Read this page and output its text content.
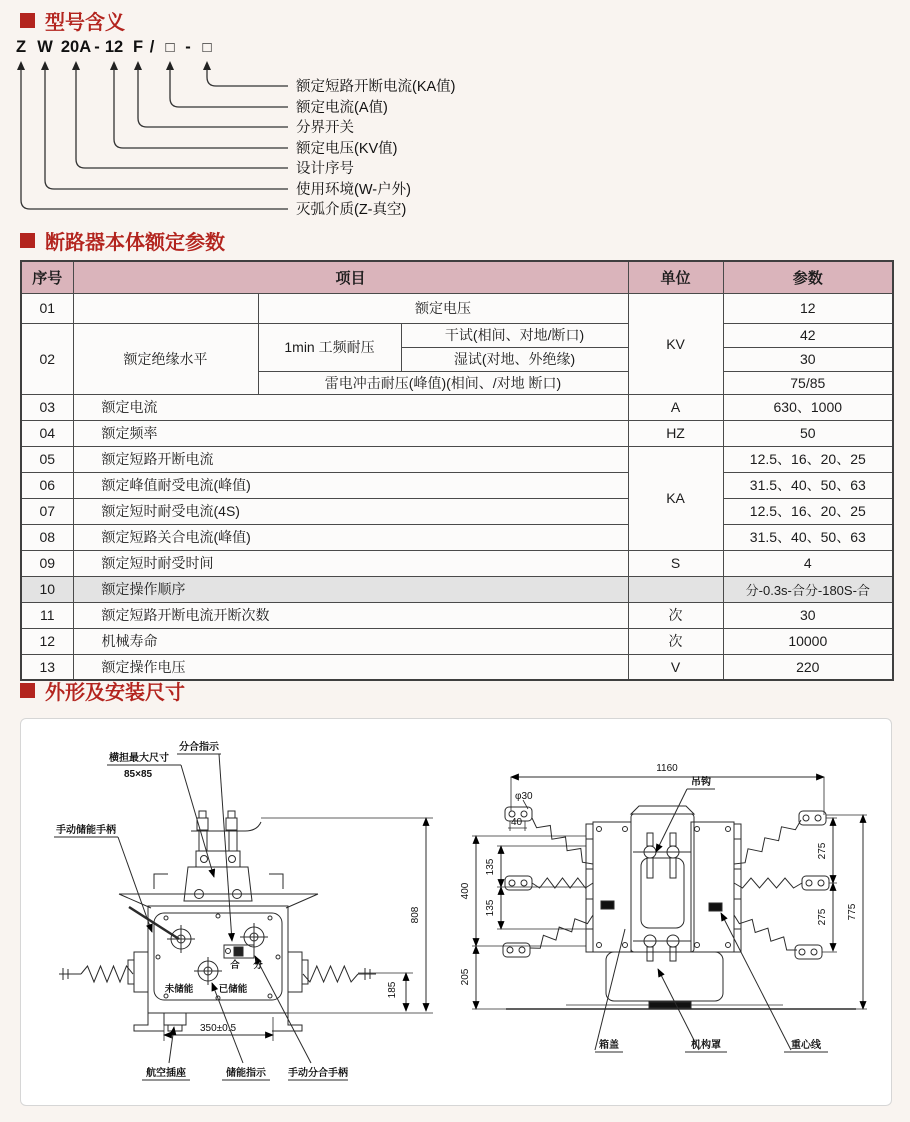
型号含义
Z W 20A - 12 F / □ - □
额定短路开断电流(KA值)
额定电流(A值)
分界开关
额定电压(KV值)
设计序号
使用环境(W-户外)
灭弧介质(Z-真空)
断路器本体额定参数
序号	项目			单位	参数
01		额定电压		KV	12
02	额定绝缘水平	1min 工频耐压	干试(相间、对地/断口)		42
			湿试(对地、外绝缘)		30
		雷电冲击耐压(峰值)(相间、/对地 断口)			75/85
03	额定电流			A	630、1000
04	额定频率			HZ	50
05	额定短路开断电流			KA	12.5、16、20、25
06	额定峰值耐受电流(峰值)				31.5、40、50、63
07	额定短时耐受电流(4S)				12.5、16、20、25
08	额定短路关合电流(峰值)				31.5、40、50、63
09	额定短时耐受时间			S	4
10	额定操作顺序				分-0.3s-合分-180S-合
11	额定短路开断电流开断次数			次	30
12	机械寿命			次	10000
13	额定操作电压			V	220
外形及安装尺寸
横担最大尺寸
85×85
分合指示
手动储能手柄
未储能	已储能
合 分
350±0.5
185
808
航空插座	储能指示 手动分合手柄
1160
吊钩
φ30
40
135
135
400
205
275
275 775
箱盖	机构罩	重心线
